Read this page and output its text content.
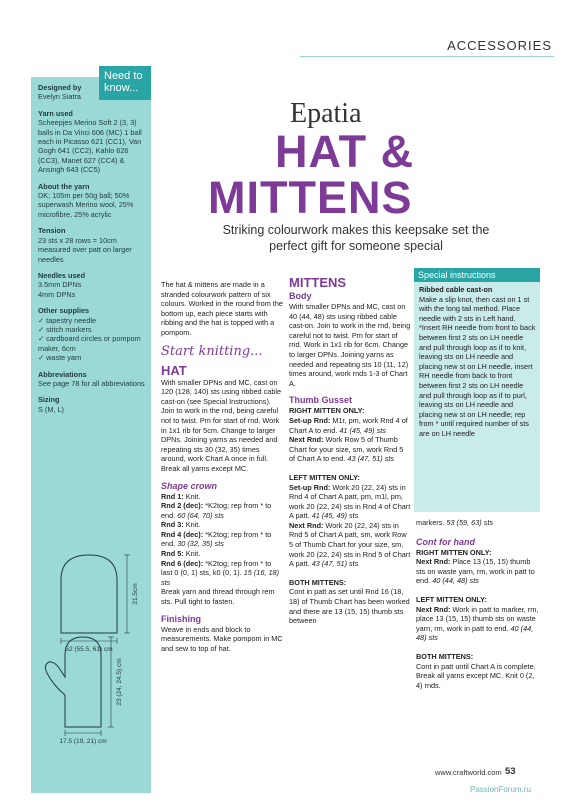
ACCESSORIES
Need to know...
Designed by
Evelyn Siatra
Yarn used
Scheepjes Merino Soft 2 (3, 3) balls in Da Vinci 606 (MC) 1 ball each in Picasso 621 (CC1), Van Gogh 641 (CC2), Kahlo 626 (CC3), Manet 627 (CC4) & Ansingh 643 (CC5)
About the yarn
DK; 105m per 50g ball; 50% superwash Merino wool, 25% microfibre, 25% acrylic
Tension
23 sts x 28 rows = 10cm measured over patt on larger needles
Needles used
3.5mm DPNs
4mm DPNs
Other supplies
✓ tapestry needle
✓ stitch markers
✓ cardboard circles or pompom maker, 6cm
✓ waste yarn
Abbreviations
See page 78 for all abbreviations
Sizing
S (M, L)
21.5cm
52 (55.5, 61) cm
23 (24, 24.5) cm
17.5 (19, 21) cm
Epatia
HAT &
MITTENS
Striking colourwork makes this keepsake set the perfect gift for someone special

The hat & mittens are made in a stranded colourwork pattern of six colours. Worked in the round from the bottom up, each piece starts with ribbing and the hat is topped with a pompom.

Start knitting...
HAT

With smaller DPNs and MC, cast on 120 (128, 140) sts using ribbed cable cast-on (see Special Instructions). Join to work in the rnd, being careful not to twist. Pm for start of rnd. Work in 1x1 rib for 5cm. Change to larger DPNs. Joining yarns as needed and repeating sts 30 (32, 35) times around, work Chart A once in full. Break all yarns except MC.

Shape crown

Rnd 1: Knit.

Rnd 2 (dec): *K2tog; rep from * to end. 60 (64, 70) sts

Rnd 3: Knit.

Rnd 4 (dec): *K2tog; rep from * to end. 30 (32, 35) sts

Rnd 5: Knit.

Rnd 6 (dec): *K2tog; rep from * to last 0 (0, 1) sts, k0 (0, 1). 15 (16, 18) sts

Break yarn and thread through rem sts. Pull tight to fasten.

Finishing

Weave in ends and block to measurements. Make pompom in MC and sew to top of hat.

MITTENS
Body

With smaller DPNs and MC, cast on 40 (44, 48) sts using ribbed cable cast-on. Join to work in the rnd, being careful not to twist. Pm for start of rnd. Work in 1x1 rib for 6cm. Change to larger DPNs. Joining yarns as needed and repeating sts 10 (11, 12) times around, work rnds 1-3 of Chart A.

Thumb Gusset
RIGHT MITTEN ONLY:

Set-up Rnd: M1r, pm, work Rnd 4 of Chart A to end. 41 (45, 49) sts

Next Rnd: Work Row 5 of Thumb Chart for your size, sm, work Rnd 5 of Chart A to end. 43 (47, 51) sts

LEFT MITTEN ONLY:

Set-up Rnd: Work 20 (22, 24) sts in Rnd 4 of Chart A patt, pm, m1l, pm, work 20 (22, 24) sts in Rnd 4 of Chart A patt. 41 (45, 49) sts

Next Rnd: Work 20 (22, 24) sts in Rnd 5 of Chart A patt, sm, work Row 5 of Thumb Chart for your size, sm, work 20 (22, 24) sts in Rnd 5 of Chart A patt. 43 (47, 51) sts

BOTH MITTENS:

Cont in patt as set until Rnd 16 (18, 18) of Thumb Chart has been worked and there are 13 (15, 15) thumb sts between

Special instructions
Ribbed cable cast-on
Make a slip knot, then cast on 1 st with the long tail method. Place needle with 2 sts in Left hand. *Insert RH needle from front to back between first 2 sts on LH needle and pull through loop as if to knit, leaving sts on LH needle and placing new st on LH needle, insert RH needle from back to front between first 2 sts on LH needle and pull through loop as if to purl, leaving sts on LH needle and placing new st on LH needle; rep from * until required number of sts are on LH needle

markers. 53 (59, 63) sts

Cont for hand
RIGHT MITTEN ONLY:

Next Rnd: Place 13 (15, 15) thumb sts on waste yarn, rm, work in patt to end. 40 (44, 48) sts

LEFT MITTEN ONLY:

Next Rnd: Work in patt to marker, rm, place 13 (15, 15) thumb sts on waste yarn, rm, work in patt to end. 40 (44, 48) sts

BOTH MITTENS:

Cont in patt until Chart A is complete. Break all yarns except MC. Knit 0 (2, 4) rnds.

www.craftworld.com 53
PassionForum.ru
